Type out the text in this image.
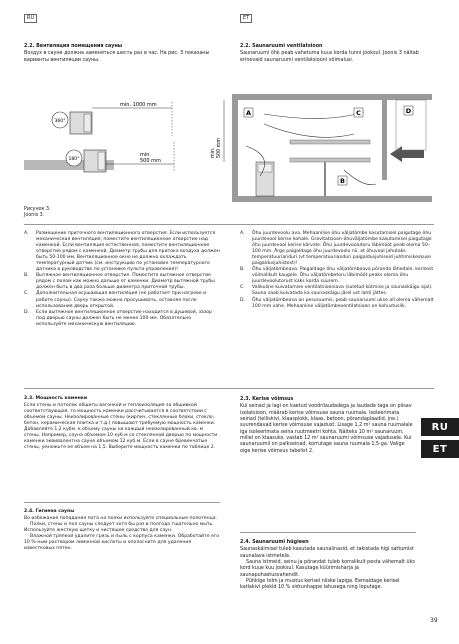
RU	ET
2.2. Вентиляция помещения сауны

Воздух в сауне должна заменяться шесть раз в час. На рис. 3 показаны варианты вентиляции сауны.

2.2. Saunaruumi ventilatsioon

Saunaruumi õhk peab vahetuma kuus korda tunni jooksul. Joonis 3 näitab erinevaid saunaruumi ventilatsiooni võimalusi.

360°
180°
min. 1000 mm
min.
500 mm
A	C	D
B
min. 500 mm
Рисунок 3.
Joonis 3.
A. Размещение приточного вентиляционного отверстия. Если используется механическая вентиляция, поместите вентиляционное отверстие над каменкой. Если вентиляция естественная, поместите вентиляционное отверстие рядом с каменкой. Диаметр трубы для притока воздуха должен быть 50-100 мм. Вентиляционное окно не должно охлаждать температурный датчик (см. инструкцию по установке температурного датчика в руководстве по установке пульта управления)!
B. Вытяжное вентиляционное отверстие. Поместите вытяжное отверстие рядом с полом как можно дальше от каменки. Диаметр вытяжной трубы должен быть в два раза больше диаметра приточной трубы.
C. Дополнительная осушающая вентиляция (не работает при нагреве и работе сауны). Сауну также можно просушивать, оставляя после использования дверь открытой.
D. Если вытяжное вентиляционное отверстие находится в душевой, зазор под дверью сауны должен быть не менее 100 мм. Обязательно используйте механическую вентиляцию.
A. Õhu juurdevoolu ava. Mehaanilise õhu väljatõmbe kasutamisel paigutage õhu juurdevool kerise kohale. Gravitatsioon-õhuväljatõmbe kasutamisel paigutage õhu juurdevool kerise kõrvale. Õhu juurdevoolutoru läbimõõt peab olema 50–100 mm. Ärge paigaldage õhu juurdevoolu nii, et õhuvool jahutaks temperatuurianduri (vt temperatuurianduri paigaldusjuhiseid juhtimiskeskuse paigaldusjuhistest)!
B. Õhu väljatõmbeava. Paigaldage õhu väljatõmbeava põranda lähedale, kerisest võimalikult kaugele. Õhu väljatõmbetoru läbimõõt peaks olema õhu juurdevoolutorust kaks korda suurem.
C. Valikuline kuivatamise ventilatsiooniava (suletud kütmise ja saunaskäigu ajal). Sauna saab kuivatada ka saunaskäigu järel ust lahti jättes.
D. Õhu väljatõmbeava on pesuruumis, peab saunaruumi ukse all olema vähemalt 100 mm vahe. Mehaanline väljatõmbeventilatsioon on kohustuslik.
2.3. Мощность каменки

Если стены и потолок обшиты вагонкой и теплоизоляция за обшивкой соответствующая, то мощность каменки рассчитывается в соответствии с объемом сауны. Неизолированные стены (кирпич, стеклянные блоки, стекло, бетон, керамическая плитка и т.д.) повышают требуемую мощность каменки. Добавляйте 1,2 кубм. к объему сауны на каждый неизолированный кв. м стены. Например, сауна объемом 10 куб.м со стеклянной дверью по мощности каменки эквивалентна сауне объемом 12 куб.м. Если в сауне бревенчатые стены, умножьте ее объем на 1,5. Выберите мощность каменки по таблице 2.

2.3. Kerise võimsus

Kui seinad ja lagi on kaetud voodrilaudadega ja laudade taga on piisav isolatsioon, määrab kerise võimsuse sauna ruumala. Isoleerimata seinad (telliskivi, klaasplokk, klaas, betoon, põrandaplaadid, jne.) suurendavad kerise võimsuse vajadust. Lisage 1,2 m³ sauna ruumalale iga isoleerimata seina ruutmeetri kohta. Näiteks 10 m³ saunaruum, millel on klaasuks, vastab 12 m³ saunaruumi võimsuse vajadusele. Kui saunaruumil on palkseinad, korrutage sauna ruumala 1,5-ga. Valige oige kerise võimsus tabelist 2.

RU
ET
2.4. Гигиена сауны

Во избежание попадания пота на полки используйте специальные полотенца.

Полки, стены и пол сауны следует хотя бы раз в полгода тщательно мыть. Используйте жесткую щетку и чистящее средство для саун.

Влажной тряпкой удалите грязь и пыль с корпуса каменки. Обработайте его 10 %-ным раствором лимонной кислоты и ополосните для удаления известковых пятен.

2.4. Saunaruumi hügieen

Saunaskäimisel tuleb kasutada saunalinasid, et takistada higi sattumist saunalava istmetele.

Sauna istmeid, seinu ja põrandat tuleb korralikult pesta vähemalt üks kord kuue kuu jooksul. Kasutage küürimisharja ja saunapuhastusvahendit.

Pühkige tolm ja mustus kerisel niiske lapiga. Eemaldage kerisel katlakivi plekid 10 % sidrunhappe lahusega ning loputage.

39
